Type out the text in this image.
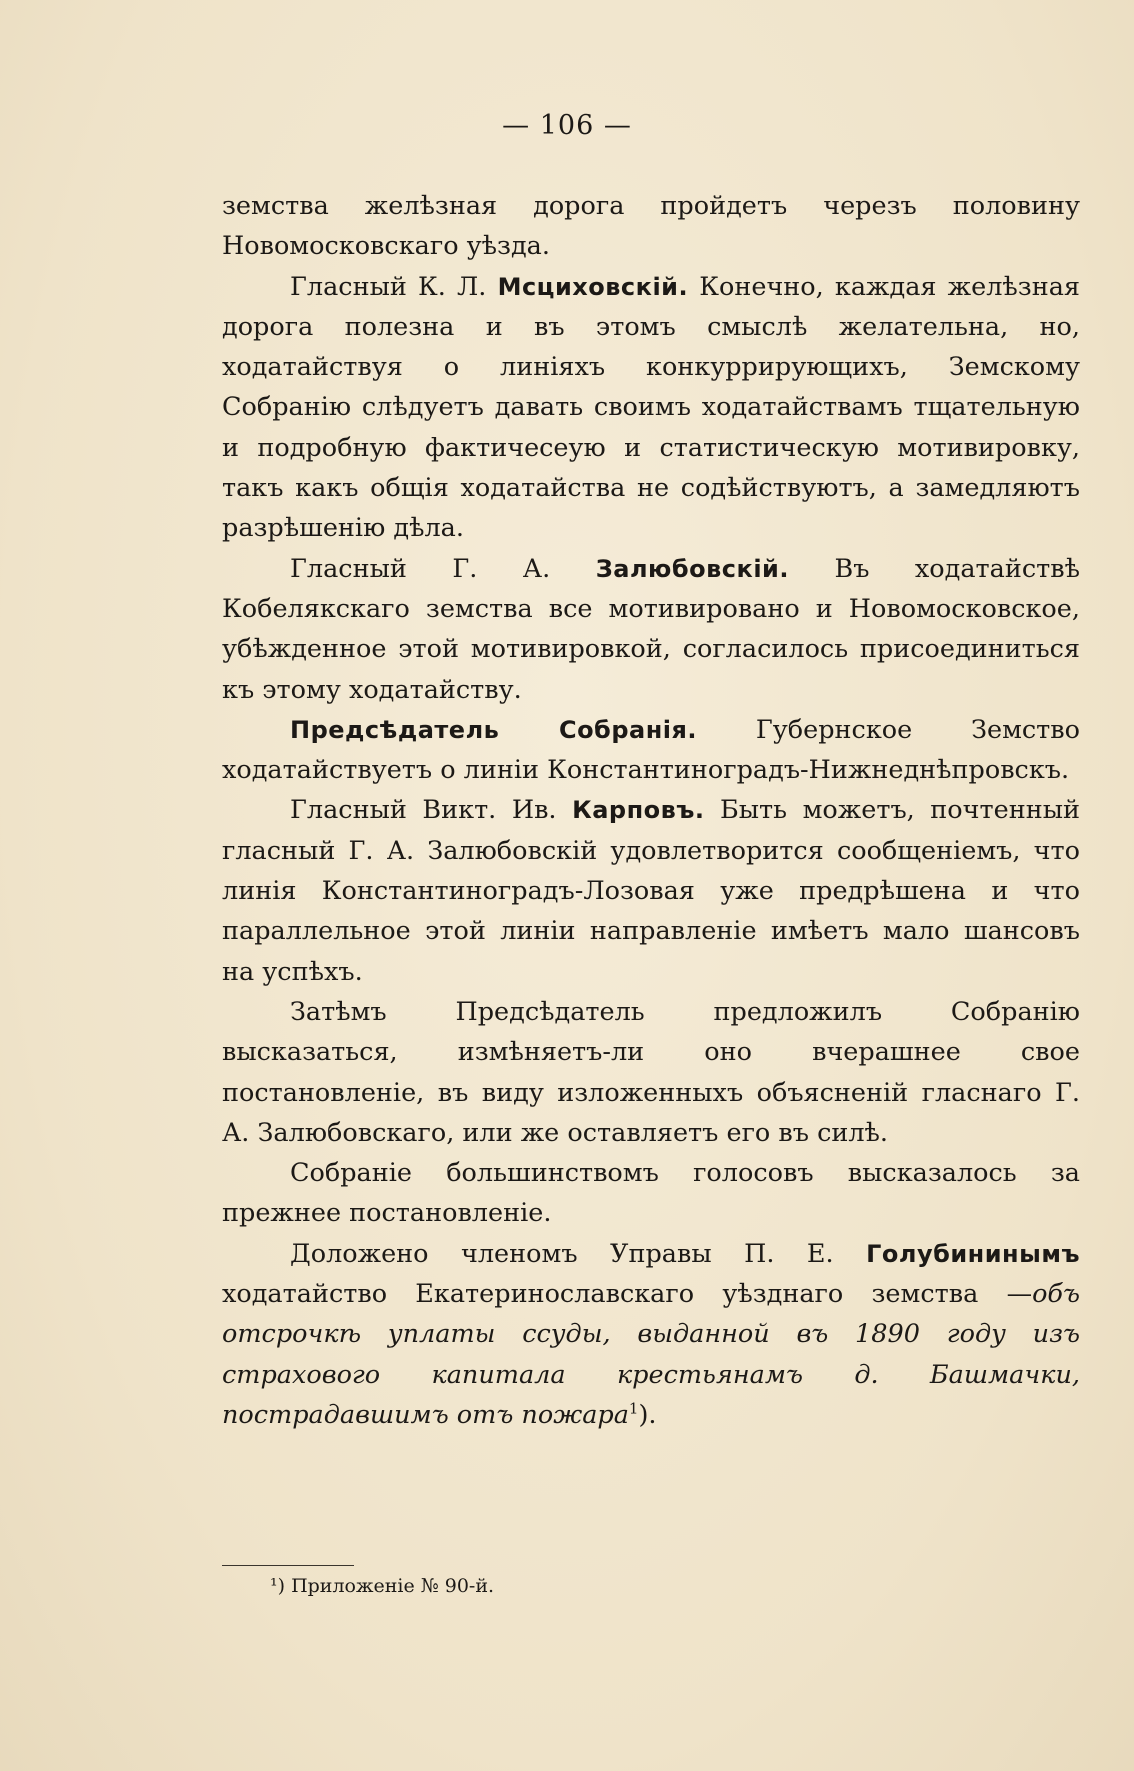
— 106 —

земства желѣзная дорога пройдетъ черезъ половину Новомосковскаго уѣзда.

Гласный К. Л. Мсциховскій. Конечно, каждая желѣзная дорога полезна и въ этомъ смыслѣ желательна, но, ходатайствуя о линіяхъ конкуррирующихъ, Земскому Собранію слѣдуетъ давать своимъ ходатайствамъ тщательную и подробную фактичесеую и статистическую мотивировку, такъ какъ общія ходатайства не содѣйствуютъ, а замедляютъ разрѣшенію дѣла.

Гласный Г. А. Залюбовскій. Въ ходатайствѣ Кобелякскаго земства все мотивировано и Новомосковское, убѣжденное этой мотивировкой, согласилось присоединиться къ этому ходатайству.

Предсѣдатель Собранія. Губернское Земство ходатайствуетъ о линіи Константиноградъ-Нижнеднѣпровскъ.

Гласный Викт. Ив. Карповъ. Быть можетъ, почтенный гласный Г. А. Залюбовскій удовлетворится сообщеніемъ, что линія Константиноградъ-Лозовая уже предрѣшена и что параллельное этой линіи направленіе имѣетъ мало шансовъ на успѣхъ.

Затѣмъ Предсѣдатель предложилъ Собранію высказаться, измѣняетъ-ли оно вчерашнее свое постановленіе, въ виду изложенныхъ объясненій гласнаго Г. А. Залюбовскаго, или же оставляетъ его въ силѣ.

Собраніе большинствомъ голосовъ высказалось за прежнее постановленіе.

Доложено членомъ Управы П. Е. Голубининымъ ходатайство Екатеринославскаго уѣзднаго земства —объ отсрочкѣ уплаты ссуды, выданной въ 1890 году изъ страхового капитала крестьянамъ д. Башмачки, пострадавшимъ отъ пожара$^1$).

¹) Приложеніе № 90-й.
